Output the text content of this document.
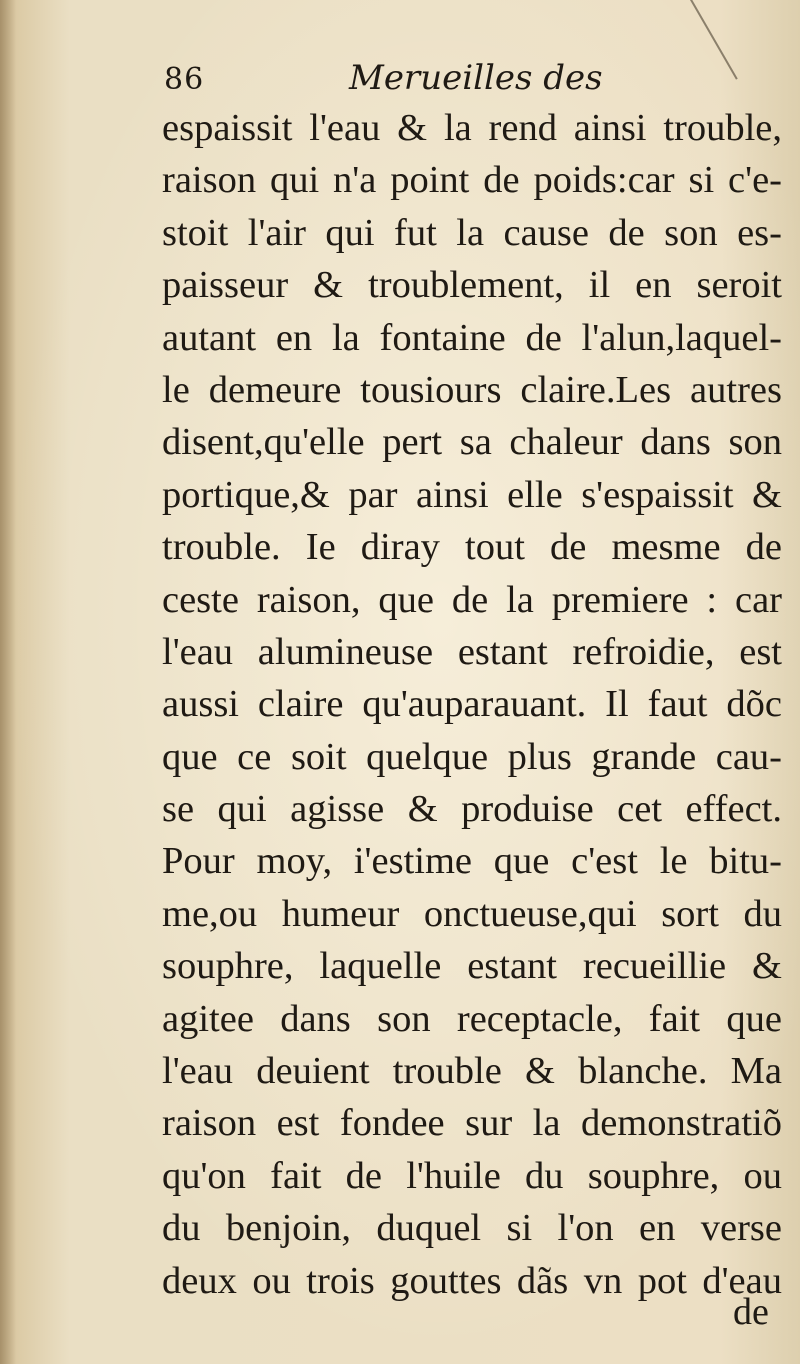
86	Merueilles des
espaissit l'eau & la rend ainsi trouble,
raison qui n'a point de poids:car si c'e-
stoit l'air qui fut la cause de son es-
paisseur & troublement, il en seroit
autant en la fontaine de l'alun,laquel-
le demeure tousiours claire.Les autres
disent,qu'elle pert sa chaleur dans son
portique,& par ainsi elle s'espaissit &
trouble. Ie diray tout de mesme de
ceste raison, que de la premiere : car
l'eau alumineuse estant refroidie, est
aussi claire qu'auparauant. Il faut dõc
que ce soit quelque plus grande cau-
se qui agisse & produise cet effect.
Pour moy, i'estime que c'est le bitu-
me,ou humeur onctueuse,qui sort du
souphre, laquelle estant recueillie &
agitee dans son receptacle, fait que
l'eau deuient trouble & blanche. Ma
raison est fondee sur la demonstratiõ
qu'on fait de l'huile du souphre, ou
du benjoin, duquel si l'on en verse
deux ou trois gouttes dãs vn pot d'eau
de
